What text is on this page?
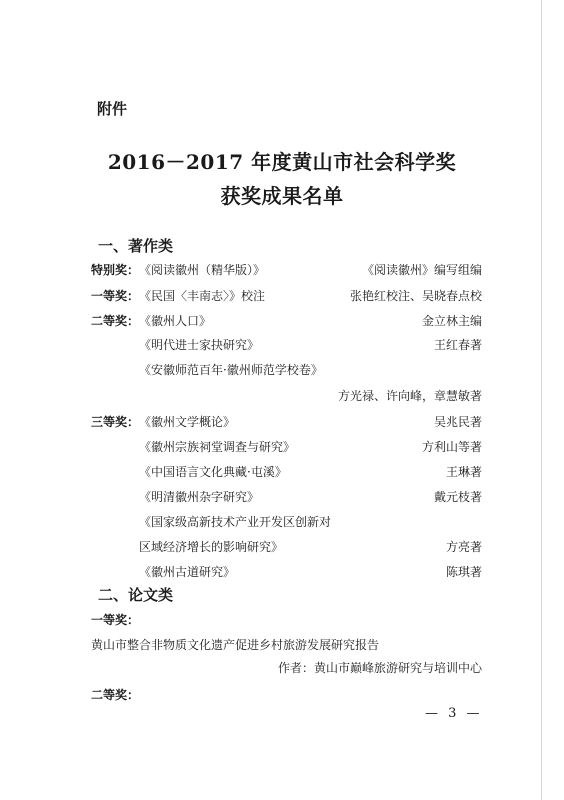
附件
2016－2017 年度黄山市社会科学奖
获奖成果名单
一、著作类
特别奖： 《阅读徽州（精华版）》	《阅读徽州》编写组编
一等奖： 《民国〈丰南志〉》校注	张艳红校注、吴晓春点校
二等奖： 《徽州人口》	金立林主编
《明代进士家抉研究》	王红春著
《安徽师范百年·徽州师范学校卷》
方光禄、许向峰，章慧敏著
三等奖： 《徽州文学概论》	吴兆民著
《徽州宗族祠堂调查与研究》	方利山等著
《中国语言文化典藏·屯溪》	王琳著
《明清徽州杂字研究》	戴元枝著
《国家级高新技术产业开发区创新对
区域经济增长的影响研究》	方亮著
《徽州古道研究》	陈琪著
二、论文类
一等奖：
黄山市整合非物质文化遗产促进乡村旅游发展研究报告
作者：黄山市巅峰旅游研究与培训中心
二等奖：
— 3 —
